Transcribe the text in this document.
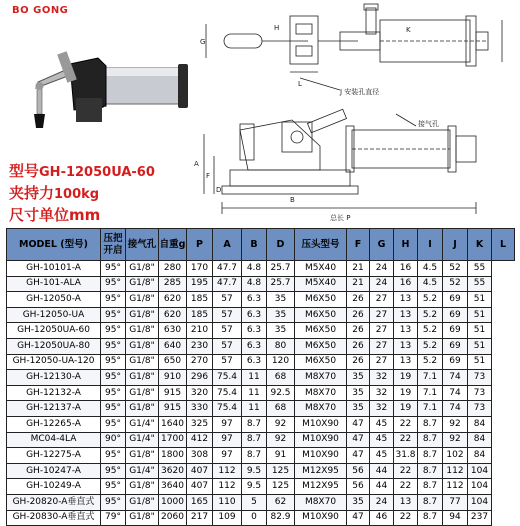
BO GONG
G
K
L
H
J 安装孔直径
A
F
D
B
接气孔
总长 P
型号GH-12050UA-60
夹持力100kg
尺寸单位mm
MODEL (型号)	压把开启	接气孔	自重g	P	A	B	D	压头型号	F	G	H	I	J	K	L
GH-10101-A	95°	G1/8"	280	170	47.7	4.8	25.7	M5X40	21	24	16	4.5	52	55	
GH-101-ALA	95°	G1/8"	285	195	47.7	4.8	25.7	M5X40	21	24	16	4.5	52	55	
GH-12050-A	95°	G1/8"	620	185	57	6.3	35	M6X50	26	27	13	5.2	69	51	
GH-12050-UA	95°	G1/8"	620	185	57	6.3	35	M6X50	26	27	13	5.2	69	51	
GH-12050UA-60	95°	G1/8"	630	210	57	6.3	35	M6X50	26	27	13	5.2	69	51	
GH-12050UA-80	95°	G1/8"	640	230	57	6.3	80	M6X50	26	27	13	5.2	69	51	
GH-12050-UA-120	95°	G1/8"	650	270	57	6.3	120	M6X50	26	27	13	5.2	69	51	
GH-12130-A	95°	G1/8"	910	296	75.4	11	68	M8X70	35	32	19	7.1	74	73	
GH-12132-A	95°	G1/8"	915	320	75.4	11	92.5	M8X70	35	32	19	7.1	74	73	
GH-12137-A	95°	G1/8"	915	330	75.4	11	68	M8X70	35	32	19	7.1	74	73	
GH-12265-A	95°	G1/4"	1640	325	97	8.7	92	M10X90	47	45	22	8.7	92	84	
MC04-4LA	90°	G1/4"	1700	412	97	8.7	92	M10X90	47	45	22	8.7	92	84	
GH-12275-A	95°	G1/8"	1800	308	97	8.7	91	M10X90	47	45	31.8	8.7	102	84	
GH-10247-A	95°	G1/4"	3620	407	112	9.5	125	M12X95	56	44	22	8.7	112	104	
GH-10249-A	95°	G1/8"	3640	407	112	9.5	125	M12X95	56	44	22	8.7	112	104	
GH-20820-A垂直式	95°	G1/8"	1000	165	110	5	62	M8X70	35	24	13	8.7	77	104	
GH-20830-A垂直式	79°	G1/8"	2060	217	109	0	82.9	M10X90	47	46	22	8.7	94	237	
